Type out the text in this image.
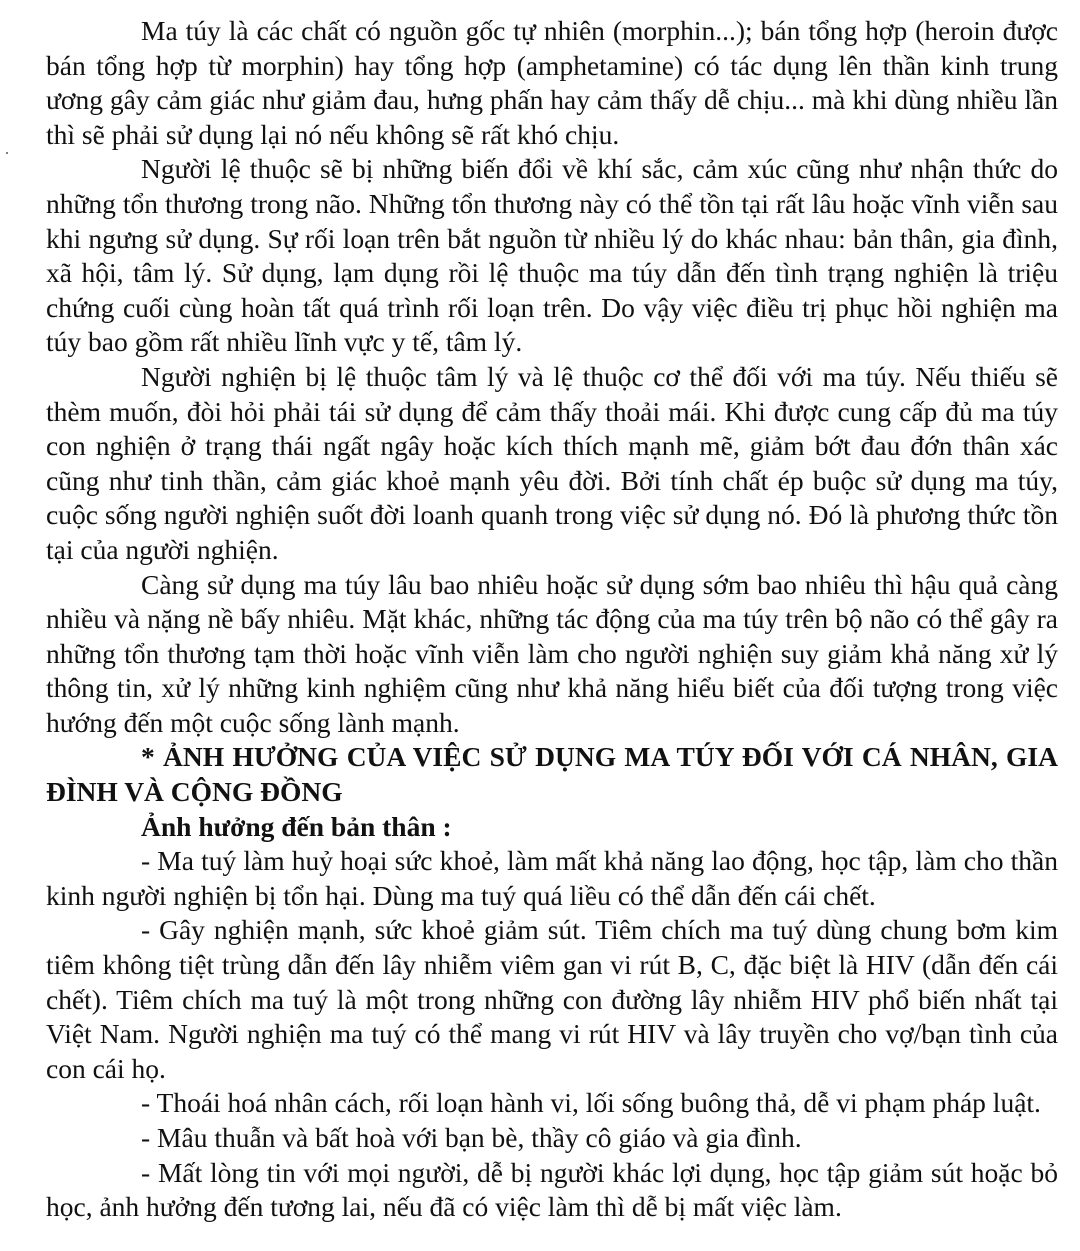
Ma túy là các chất có nguồn gốc tự nhiên (morphin...); bán tổng hợp (heroin được bán tổng hợp từ morphin) hay tổng hợp (amphetamine) có tác dụng lên thần kinh trung ương gây cảm giác như giảm đau, hưng phấn hay cảm thấy dễ chịu... mà khi dùng nhiều lần thì sẽ phải sử dụng lại nó nếu không sẽ rất khó chịu.

Người lệ thuộc sẽ bị những biến đổi về khí sắc, cảm xúc cũng như nhận thức do những tổn thương trong não. Những tổn thương này có thể tồn tại rất lâu hoặc vĩnh viễn sau khi ngưng sử dụng. Sự rối loạn trên bắt nguồn từ nhiều lý do khác nhau: bản thân, gia đình, xã hội, tâm lý. Sử dụng, lạm dụng rồi lệ thuộc ma túy dẫn đến tình trạng nghiện là triệu chứng cuối cùng hoàn tất quá trình rối loạn trên. Do vậy việc điều trị phục hồi nghiện ma túy bao gồm rất nhiều lĩnh vực y tế, tâm lý.

Người nghiện bị lệ thuộc tâm lý và lệ thuộc cơ thể đối với ma túy. Nếu thiếu sẽ thèm muốn, đòi hỏi phải tái sử dụng để cảm thấy thoải mái. Khi được cung cấp đủ ma túy con nghiện ở trạng thái ngất ngây hoặc kích thích mạnh mẽ, giảm bớt đau đớn thân xác cũng như tinh thần, cảm giác khoẻ mạnh yêu đời. Bởi tính chất ép buộc sử dụng ma túy, cuộc sống người nghiện suốt đời loanh quanh trong việc sử dụng nó. Đó là phương thức tồn tại của người nghiện.

Càng sử dụng ma túy lâu bao nhiêu hoặc sử dụng sớm bao nhiêu thì hậu quả càng nhiều và nặng nề bấy nhiêu. Mặt khác, những tác động của ma túy trên bộ não có thể gây ra những tổn thương tạm thời hoặc vĩnh viễn làm cho người nghiện suy giảm khả năng xử lý thông tin, xử lý những kinh nghiệm cũng như khả năng hiểu biết của đối tượng trong việc hướng đến một cuộc sống lành mạnh.

* ẢNH HƯỞNG CỦA VIỆC SỬ DỤNG MA TÚY ĐỐI VỚI CÁ NHÂN, GIA ĐÌNH VÀ CỘNG ĐỒNG
Ảnh hưởng đến bản thân :

- Ma tuý làm huỷ hoại sức khoẻ, làm mất khả năng lao động, học tập, làm cho thần kinh người nghiện bị tổn hại. Dùng ma tuý quá liều có thể dẫn đến cái chết.

- Gây nghiện mạnh, sức khoẻ giảm sút. Tiêm chích ma tuý dùng chung bơm kim tiêm không tiệt trùng dẫn đến lây nhiễm viêm gan vi rút B, C, đặc biệt là HIV (dẫn đến cái chết). Tiêm chích ma tuý là một trong những con đường lây nhiễm HIV phổ biến nhất tại Việt Nam. Người nghiện ma tuý có thể mang vi rút HIV và lây truyền cho vợ/bạn tình của con cái họ.

- Thoái hoá nhân cách, rối loạn hành vi, lối sống buông thả, dễ vi phạm pháp luật.

- Mâu thuẫn và bất hoà với bạn bè, thầy cô giáo và gia đình.

- Mất lòng tin với mọi người, dễ bị người khác lợi dụng, học tập giảm sút hoặc bỏ học, ảnh hưởng đến tương lai, nếu đã có việc làm thì dễ bị mất việc làm.
